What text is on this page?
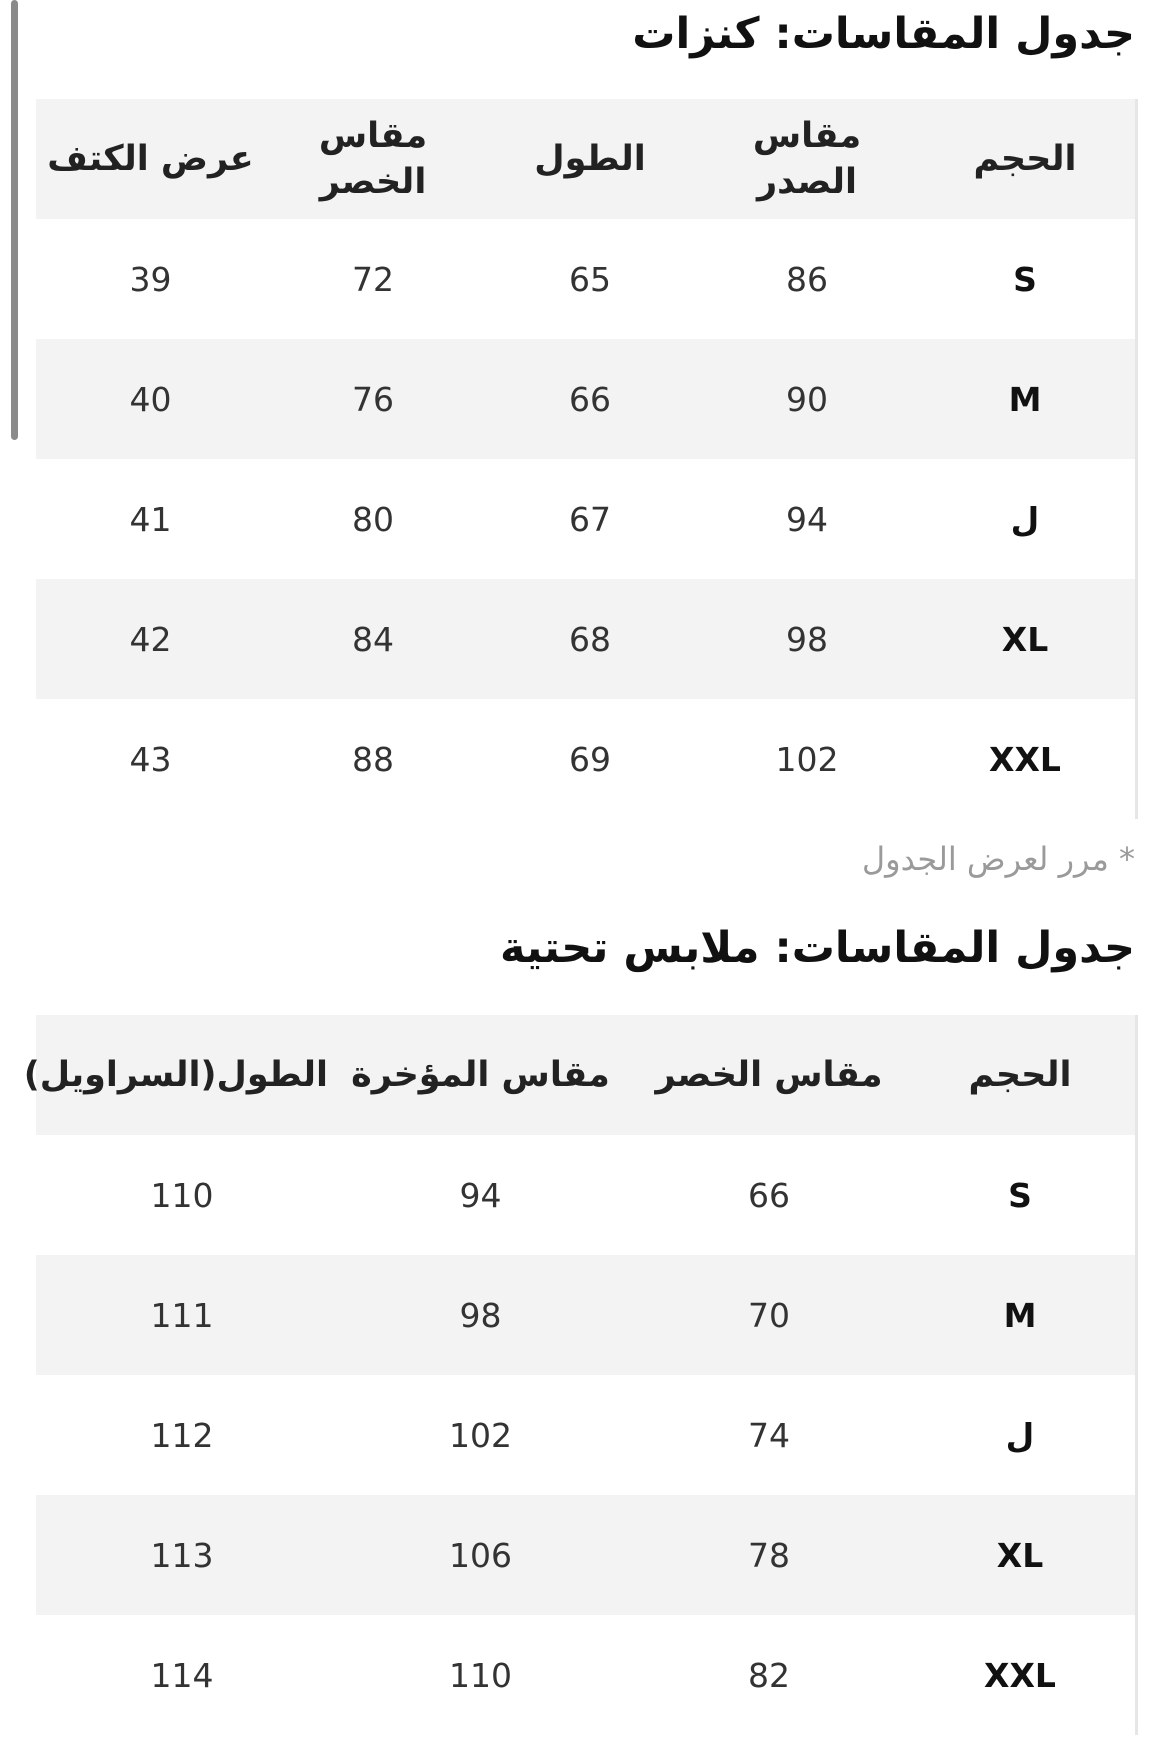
جدول المقاسات: كنزات
الحجم	مقاس الصدر	الطول	مقاس الخصر	عرض الكتف
S	86	65	72	39
M	90	66	76	40
ل	94	67	80	41
XL	98	68	84	42
XXL	102	69	88	43
* مرر لعرض الجدول
جدول المقاسات: ملابس تحتية
الحجم	مقاس الخصر	مقاس المؤخرة	الطول(السراويل)
S	66	94	110
M	70	98	111
ل	74	102	112
XL	78	106	113
XXL	82	110	114
